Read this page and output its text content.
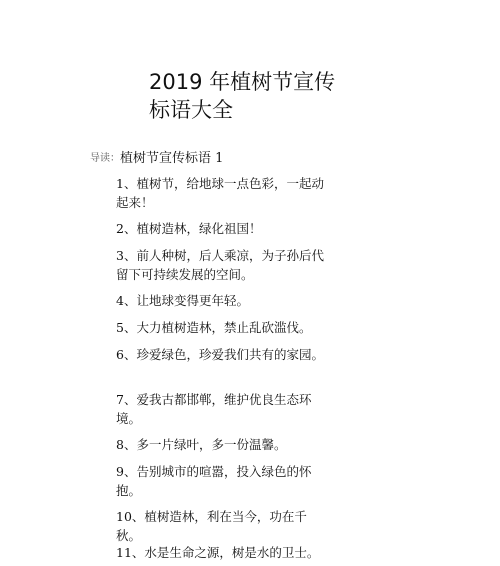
2019 年植树节宣传
标语大全
导读：植树节宣传标语 1
1、植树节，给地球一点色彩，一起动起来！
2、植树造林，绿化祖国！
3、前人种树，后人乘凉，为子孙后代留下可持续发展的空间。
4、让地球变得更年轻。
5、大力植树造林，禁止乱砍滥伐。
6、珍爱绿色，珍爱我们共有的家园。
7、爱我古都邯郸，维护优良生态环境。
8、多一片绿叶，多一份温馨。
9、告别城市的喧嚣，投入绿色的怀抱。
10、植树造林，利在当今，功在千秋。
11、水是生命之源，树是水的卫士。
